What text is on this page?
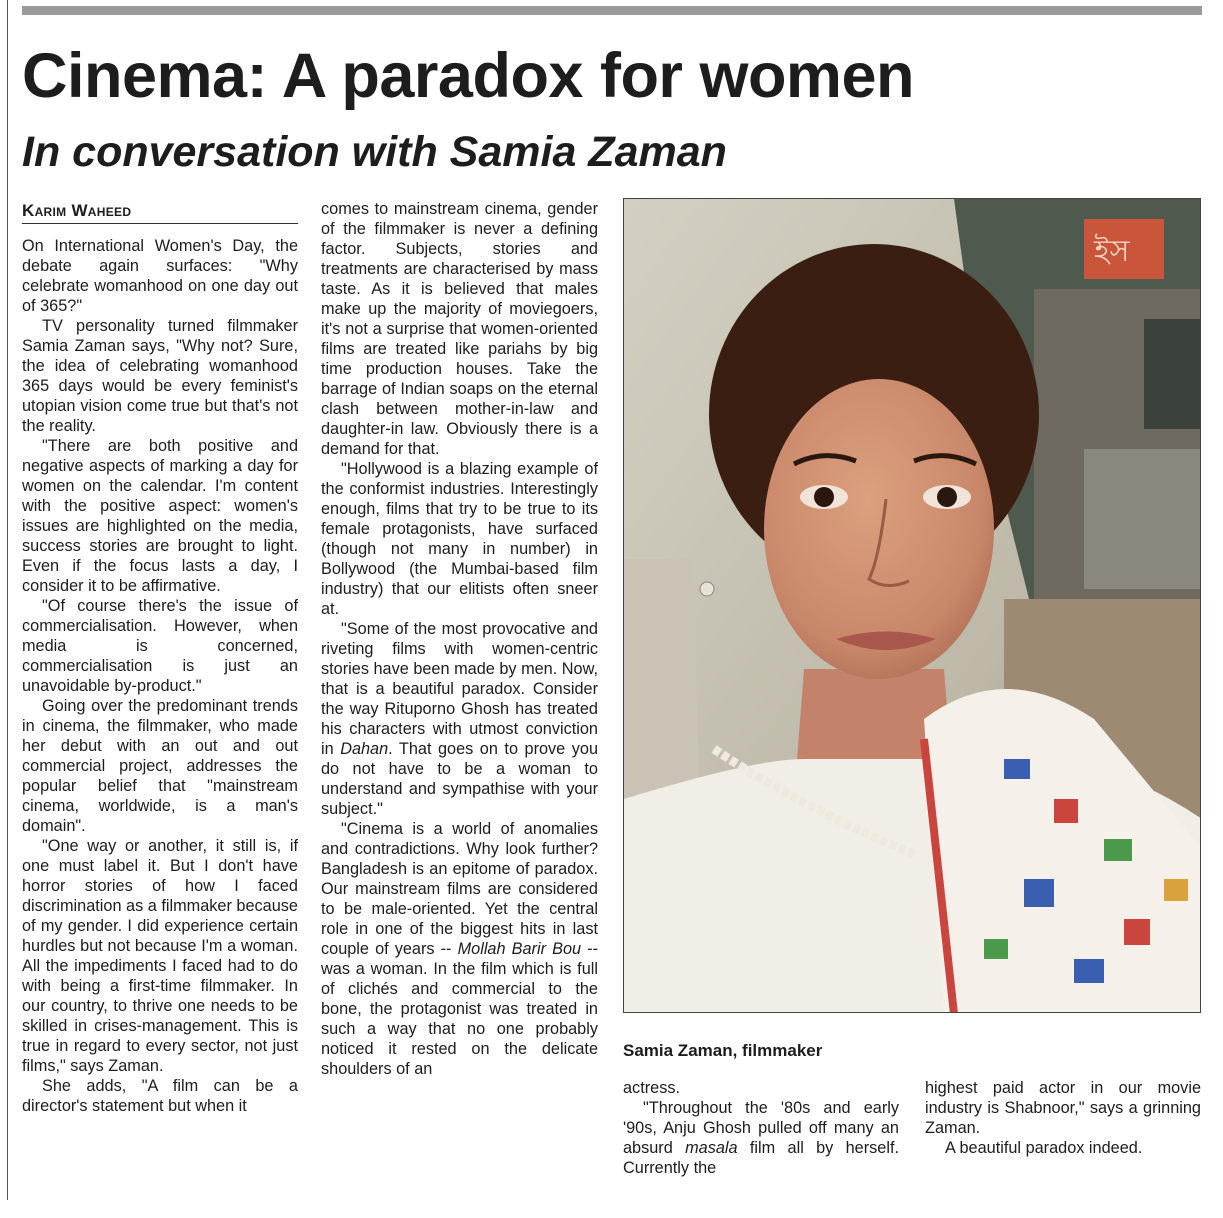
Cinema: A paradox for women
In conversation with Samia Zaman
Karim Waheed

On International Women's Day, the debate again surfaces: "Why celebrate womanhood on one day out of 365?"

TV personality turned filmmaker Samia Zaman says, "Why not? Sure, the idea of celebrating womanhood 365 days would be every feminist's utopian vision come true but that's not the reality.

"There are both positive and negative aspects of marking a day for women on the calendar. I'm content with the positive aspect: women's issues are highlighted on the media, success stories are brought to light. Even if the focus lasts a day, I consider it to be affirmative.

"Of course there's the issue of commercialisation. However, when media is concerned, commercialisation is just an unavoidable by-product."

Going over the predominant trends in cinema, the filmmaker, who made her debut with an out and out commercial project, addresses the popular belief that "mainstream cinema, worldwide, is a man's domain".

"One way or another, it still is, if one must label it. But I don't have horror stories of how I faced discrimination as a filmmaker because of my gender. I did experience certain hurdles but not because I'm a woman. All the impediments I faced had to do with being a first-time filmmaker. In our country, to thrive one needs to be skilled in crises-management. This is true in regard to every sector, not just films," says Zaman.

She adds, "A film can be a director's statement but when it

comes to mainstream cinema, gender of the filmmaker is never a defining factor. Subjects, stories and treatments are characterised by mass taste. As it is believed that males make up the majority of moviegoers, it's not a surprise that women-oriented films are treated like pariahs by big time production houses. Take the barrage of Indian soaps on the eternal clash between mother-in-law and daughter-in law. Obviously there is a demand for that.

"Hollywood is a blazing example of the conformist industries. Interestingly enough, films that try to be true to its female protagonists, have surfaced (though not many in number) in Bollywood (the Mumbai-based film industry) that our elitists often sneer at.

"Some of the most provocative and riveting films with women-centric stories have been made by men. Now, that is a beautiful paradox. Consider the way Rituporno Ghosh has treated his characters with utmost conviction in Dahan. That goes on to prove you do not have to be a woman to understand and sympathise with your subject."

"Cinema is a world of anomalies and contradictions. Why look further? Bangladesh is an epitome of paradox. Our mainstream films are considered to be male-oriented. Yet the central role in one of the biggest hits in last couple of years -- Mollah Barir Bou -- was a woman. In the film which is full of clichés and commercial to the bone, the protagonist was treated in such a way that no one probably noticed it rested on the delicate shoulders of an

ইস
Samia Zaman, filmmaker

actress.

"Throughout the '80s and early '90s, Anju Ghosh pulled off many an absurd masala film all by herself. Currently the

highest paid actor in our movie industry is Shabnoor," says a grinning Zaman.

A beautiful paradox indeed.
